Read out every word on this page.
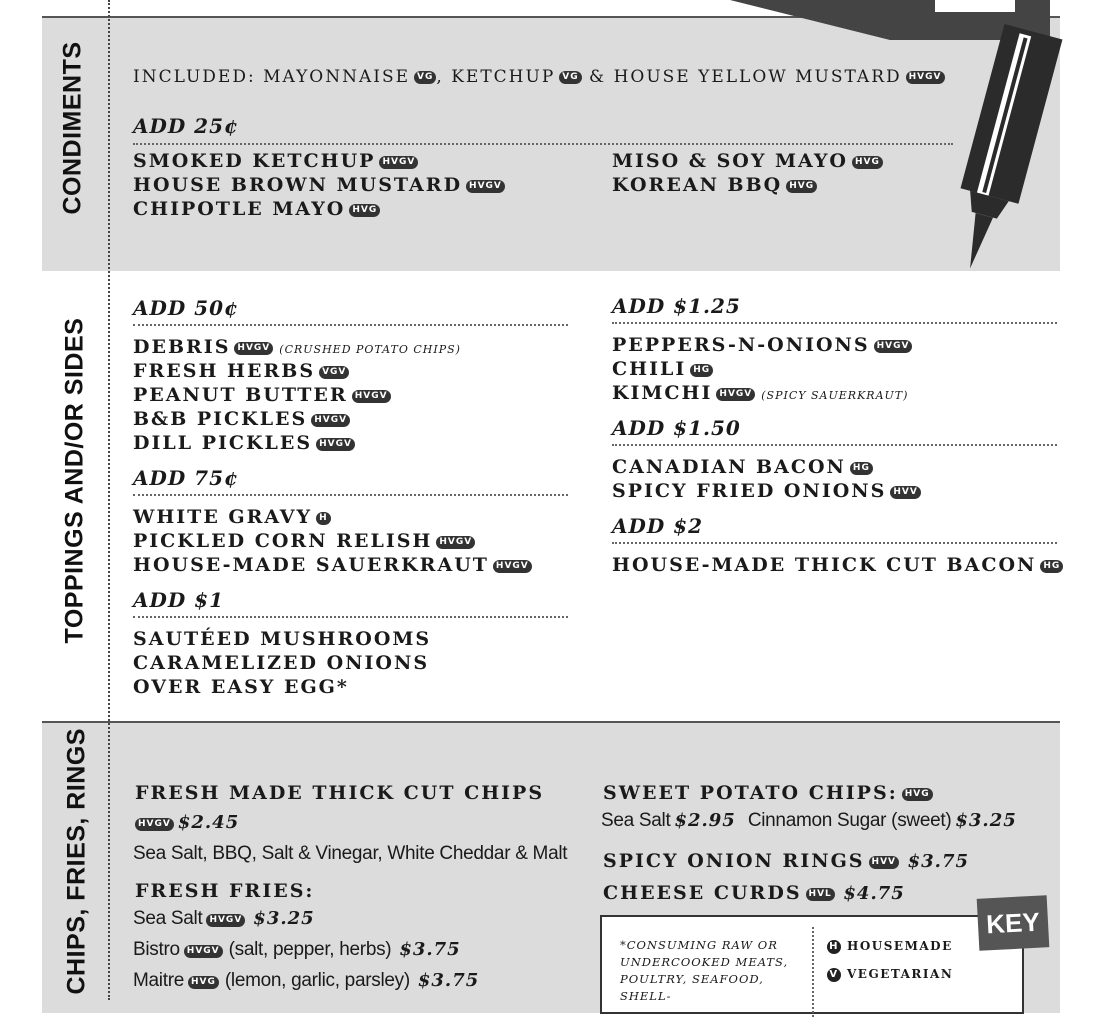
CONDIMENTS
TOPPINGS AND/OR SIDES
CHIPS, FRIES, RINGS
INCLUDED: MAYONNAISE VG , KETCHUP VG & HOUSE YELLOW MUSTARD HVGV
ADD 25¢
SMOKED KETCHUP HVGV
HOUSE BROWN MUSTARD HVGV
CHIPOTLE MAYO HVG
MISO & SOY MAYO HVG
KOREAN BBQ HVG
ADD 50¢
DEBRIS HVGV (CRUSHED POTATO CHIPS)
FRESH HERBS VGV
PEANUT BUTTER HVGV
B&B PICKLES HVGV
DILL PICKLES HVGV
ADD 75¢
WHITE GRAVY H
PICKLED CORN RELISH HVGV
HOUSE-MADE SAUERKRAUT HVGV
ADD $1
SAUTÉED MUSHROOMS
CARAMELIZED ONIONS
OVER EASY EGG*
ADD $1.25
PEPPERS-N-ONIONS HVGV
CHILI HG
KIMCHI HVGV (SPICY SAUERKRAUT)
ADD $1.50
CANADIAN BACON HG
SPICY FRIED ONIONS HVV
ADD $2
HOUSE-MADE THICK CUT BACON HG
FRESH MADE THICK CUT CHIPS
HVGV $2.45
Sea Salt, BBQ, Salt & Vinegar, White Cheddar & Malt
FRESH FRIES:
Sea Salt HVGV $3.25
Bistro HVGV (salt, pepper, herbs) $3.75
Maitre HVG (lemon, garlic, parsley) $3.75
SWEET POTATO CHIPS: HVG
Sea Salt $2.95 Cinnamon Sugar (sweet) $3.25
SPICY ONION RINGS HVV $3.75
CHEESE CURDS HVL $4.75
*CONSUMING RAW OR UNDERCOOKED MEATS, POULTRY, SEAFOOD, SHELL-
H HOUSEMADE
V VEGETARIAN
KEY
